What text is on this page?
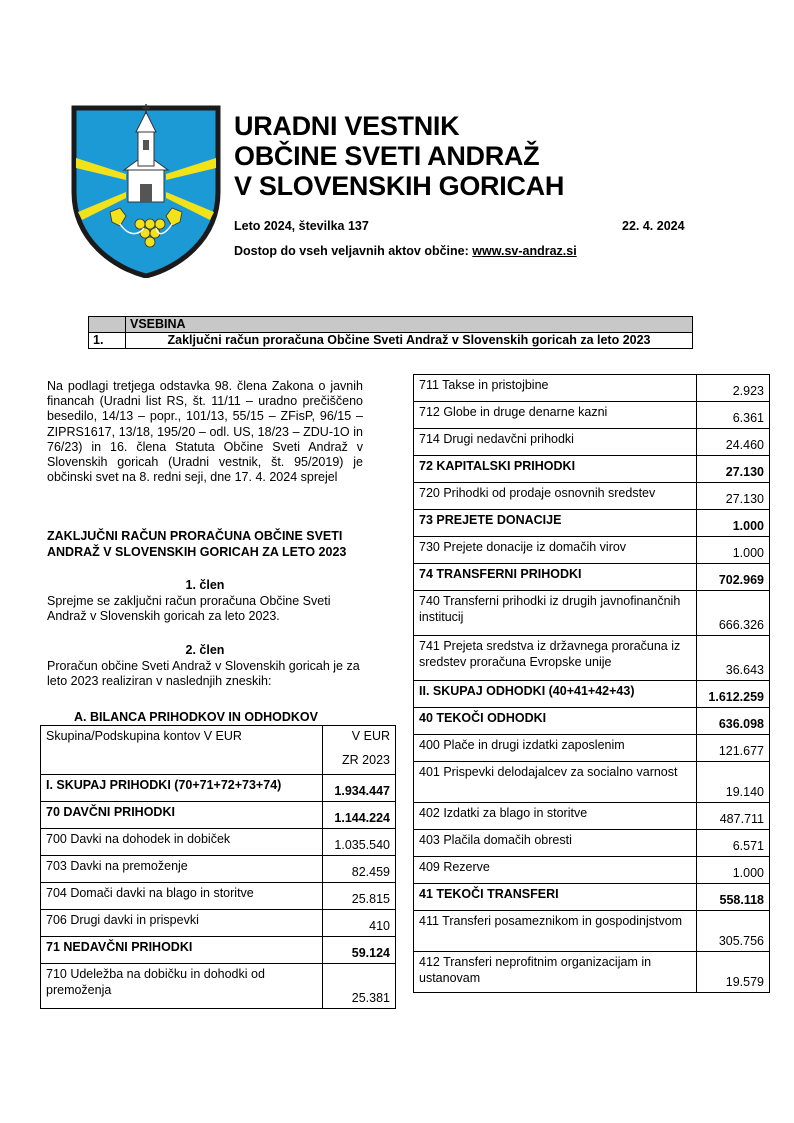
URADNI VESTNIK
OBČINE SVETI ANDRAŽ
V SLOVENSKIH GORICAH
Leto 2024, številka 137	22. 4. 2024
Dostop do vseh veljavnih aktov občine: www.sv-andraz.si
	VSEBINA
1.	Zaključni račun proračuna Občine Sveti Andraž v Slovenskih goricah za leto 2023
Na podlagi tretjega odstavka 98. člena Zakona o javnih financah (Uradni list RS, št. 11/11 – uradno prečiščeno besedilo, 14/13 – popr., 101/13, 55/15 – ZFisP, 96/15 – ZIPRS1617, 13/18, 195/20 – odl. US, 18/23 – ZDU-1O in 76/23) in 16. člena Statuta Občine Sveti Andraž v Slovenskih goricah (Uradni vestnik, št. 95/2019) je občinski svet na 8. redni seji, dne 17. 4. 2024 sprejel
ZAKLJUČNI RAČUN PRORAČUNA OBČINE SVETI ANDRAŽ V SLOVENSKIH GORICAH ZA LETO 2023
1. člen
Sprejme se zaključni račun proračuna Občine Sveti Andraž v Slovenskih goricah za leto 2023.
2. člen
Proračun občine Sveti Andraž v Slovenskih goricah je za leto 2023 realiziran v naslednjih zneskih:
A. BILANCA PRIHODKOV IN ODHODKOV
Skupina/Podskupina kontov V EUR	V EUR
ZR 2023

I. SKUPAJ PRIHODKI (70+71+72+73+74)	1.934.447
70 DAVČNI PRIHODKI	1.144.224
700 Davki na dohodek in dobiček	1.035.540
703 Davki na premoženje	82.459
704 Domači davki na blago in storitve	25.815
706 Drugi davki in prispevki	410
71 NEDAVČNI PRIHODKI	59.124
710 Udeležba na dobičku in dohodki od premoženja	25.381
711 Takse in pristojbine	2.923
712 Globe in druge denarne kazni	6.361
714 Drugi nedavčni prihodki	24.460
72 KAPITALSKI PRIHODKI	27.130
720 Prihodki od prodaje osnovnih sredstev	27.130
73 PREJETE DONACIJE	1.000
730 Prejete donacije iz domačih virov	1.000
74 TRANSFERNI PRIHODKI	702.969
740 Transferni prihodki iz drugih javnofinančnih institucij	666.326
741 Prejeta sredstva iz državnega proračuna iz sredstev proračuna Evropske unije	36.643
II. SKUPAJ ODHODKI (40+41+42+43)	1.612.259
40 TEKOČI ODHODKI	636.098
400 Plače in drugi izdatki zaposlenim	121.677
401 Prispevki delodajalcev za socialno varnost	19.140
402 Izdatki za blago in storitve	487.711
403 Plačila domačih obresti	6.571
409 Rezerve	1.000
41 TEKOČI TRANSFERI	558.118
411 Transferi posameznikom in gospodinjstvom	305.756
412 Transferi neprofitnim organizacijam in ustanovam	19.579
